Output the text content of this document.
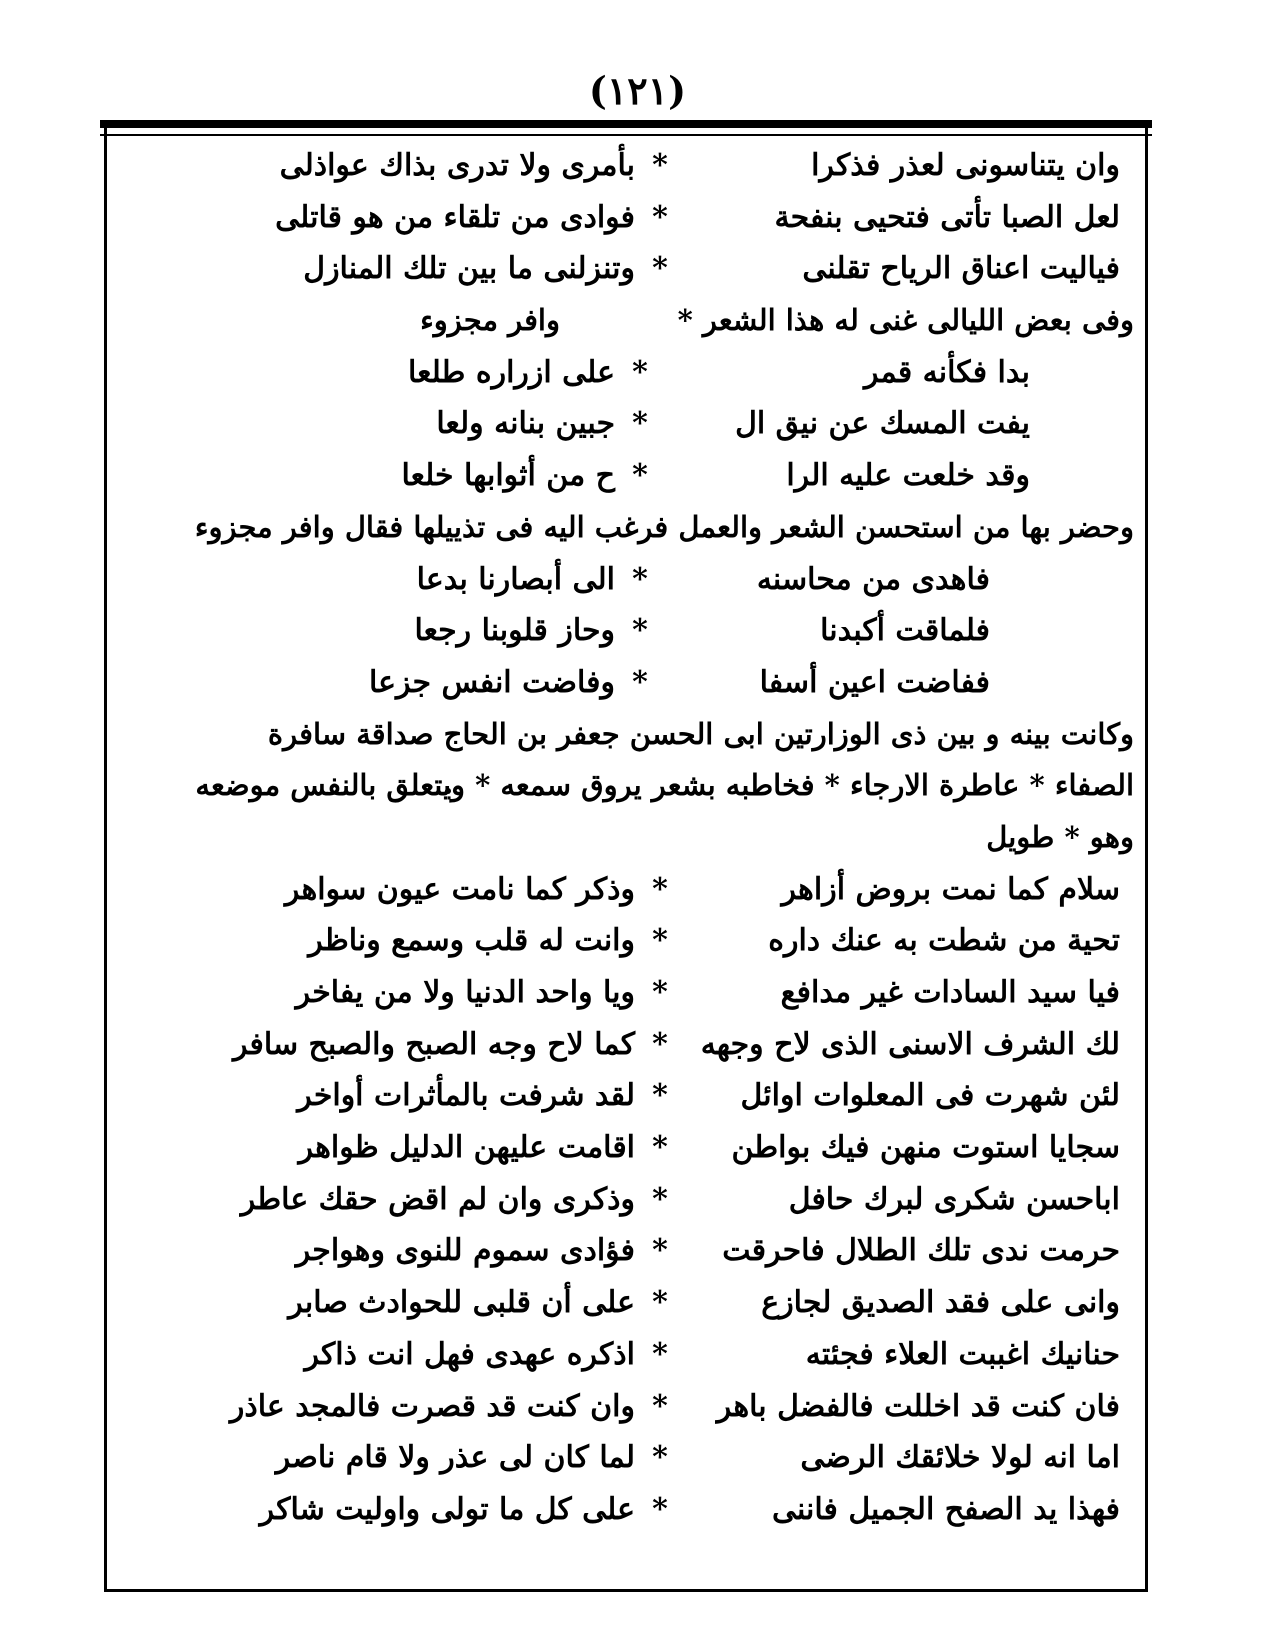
(١٢١)
وان يتناسونى لعذر فذكرا
*
بأمرى ولا تدرى بذاك عواذلى
لعل الصبا تأتى فتحيى بنفحة
*
فوادى من تلقاء من هو قاتلى
فياليت اعناق الرياح تقلنى
*
وتنزلنى ما بين تلك المنازل
وفى بعض الليالى غنى له هذا الشعر *
وافر مجزوء
بدا فكأنه قمر
*
على ازراره طلعا
يفت المسك عن نيق ال
*
جبين بنانه ولعا
وقد خلعت عليه الرا
*
ح من أثوابها خلعا
وحضر بها من استحسن الشعر والعمل فرغب اليه فى تذييلها فقال وافر مجزوء
فاهدى من محاسنه
*
الى أبصارنا بدعا
فلماقت أكبدنا
*
وحاز قلوبنا رجعا
ففاضت اعين أسفا
*
وفاضت انفس جزعا
وكانت بينه و بين ذى الوزارتين ابى الحسن جعفر بن الحاج صداقة سافرة
الصفاء * عاطرة الارجاء * فخاطبه بشعر يروق سمعه * ويتعلق بالنفس موضعه
وهو * طويل
سلام كما نمت بروض أزاهر
*
وذكر كما نامت عيون سواهر
تحية من شطت به عنك داره
*
وانت له قلب وسمع وناظر
فيا سيد السادات غير مدافع
*
ويا واحد الدنيا ولا من يفاخر
لك الشرف الاسنى الذى لاح وجهه
*
كما لاح وجه الصبح والصبح سافر
لئن شهرت فى المعلوات اوائل
*
لقد شرفت بالمأثرات أواخر
سجايا استوت منهن فيك بواطن
*
اقامت عليهن الدليل ظواهر
اباحسن شكرى لبرك حافل
*
وذكرى وان لم اقض حقك عاطر
حرمت ندى تلك الطلال فاحرقت
*
فؤادى سموم للنوى وهواجر
وانى على فقد الصديق لجازع
*
على أن قلبى للحوادث صابر
حنانيك اغببت العلاء فجئته
*
اذكره عهدى فهل انت ذاكر
فان كنت قد اخللت فالفضل باهر
*
وان كنت قد قصرت فالمجد عاذر
اما انه لولا خلائقك الرضى
*
لما كان لى عذر ولا قام ناصر
فهذا يد الصفح الجميل فاننى
*
على كل ما تولى واوليت شاكر
